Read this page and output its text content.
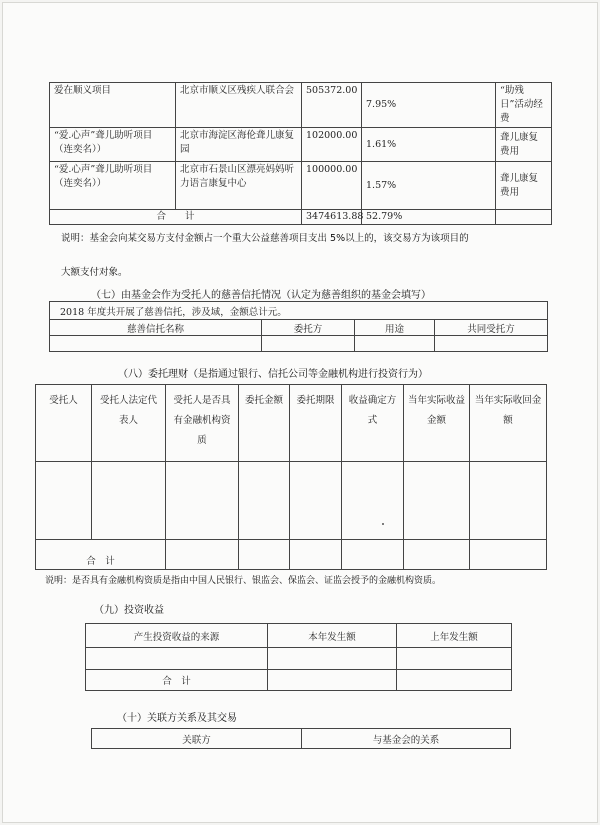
爱在顺义项目	北京市顺义区残疾人联合会	505372.00	7.95%	“助残日”活动经费
“爱.心声”聋儿助听项目（连奕名））	北京市海淀区海伦聋儿康复园	102000.00	1.61%	聋儿康复费用
“爱.心声”聋儿助听项目（连奕名））	北京市石景山区漂亮妈妈听力语言康复中心	100000.00	1.57%	聋儿康复费用
合　　计		3474613.88	52.79%	
说明：基金会向某交易方支付金额占一个重大公益慈善项目支出 5%以上的，该交易方为该项目的
大额支付对象。
（七）由基金会作为受托人的慈善信托情况（认定为慈善组织的基金会填写）
2018 年度共开展了慈善信托，涉及域，金额总计元。			
慈善信托名称	委托方	用途	共同受托方

（八）委托理财（是指通过银行、信托公司等金融机构进行投资行为）
受托人	受托人法定代表人	受托人是否具有金融机构资质	委托金额	委托期限	收益确定方式	当年实际收益金额	当年实际收回金额

合　计							
说明：是否具有金融机构资质是指由中国人民银行、银监会、保监会、证监会授予的金融机构资质。
（九）投资收益
产生投资收益的来源	本年发生额	上年发生额

合　计		
（十）关联方关系及其交易
关联方	与基金会的关系
